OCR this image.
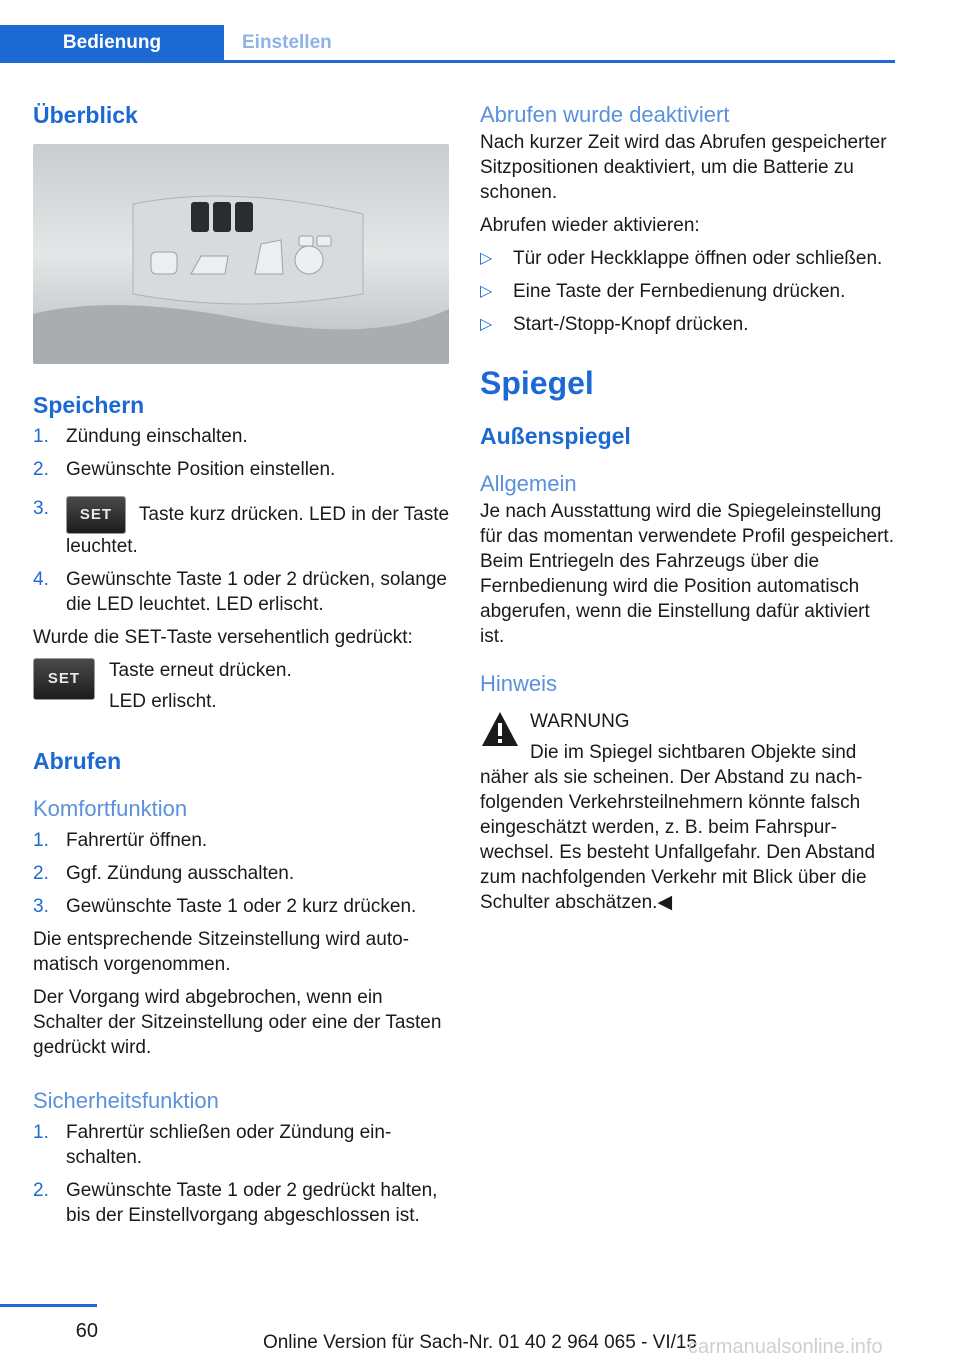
Bedienung	Einstellen
Überblick
Speichern
1. Zündung einschalten.
2. Gewünschte Position einstellen.
3. SET Taste kurz drücken. LED in der Taste leuchtet.
4. Gewünschte Taste 1 oder 2 drücken, solange die LED leuchtet. LED erlischt.

Wurde die SET-Taste versehentlich gedrückt:

SET	Taste erneut drücken.

LED erlischt.

Abrufen
Komfortfunktion
1. Fahrertür öffnen.
2. Ggf. Zündung ausschalten.
3. Gewünschte Taste 1 oder 2 kurz drücken.

Die entsprechende Sitzeinstellung wird automatisch vorgenommen.

Der Vorgang wird abgebrochen, wenn ein Schalter der Sitzeinstellung oder eine der Tasten gedrückt wird.

Sicherheitsfunktion
1. Fahrertür schließen oder Zündung einschalten.
2. Gewünschte Taste 1 oder 2 gedrückt halten, bis der Einstellvorgang abgeschlossen ist.
Abrufen wurde deaktiviert

Nach kurzer Zeit wird das Abrufen gespeicherter Sitzpositionen deaktiviert, um die Batterie zu schonen.

Abrufen wieder aktivieren:

▷ Tür oder Heckklappe öffnen oder schließen.
▷ Eine Taste der Fernbedienung drücken.
▷ Start-/Stopp-Knopf drücken.
Spiegel
Außenspiegel
Allgemein

Je nach Ausstattung wird die Spiegeleinstellung für das momentan verwendete Profil gespeichert. Beim Entriegeln des Fahrzeugs über die Fernbedienung wird die Position automatisch abgerufen, wenn die Einstellung dafür aktiviert ist.

Hinweis

WARNUNG

Die im Spiegel sichtbaren Objekte sind

näher als sie scheinen. Der Abstand zu nachfolgenden Verkehrsteilnehmern könnte falsch eingeschätzt werden, z. B. beim Fahrspurwechsel. Es besteht Unfallgefahr. Den Abstand zum nachfolgenden Verkehr mit Blick über die Schulter abschätzen.◀

60
Online Version für Sach-Nr. 01 40 2 964 065 - VI/15
carmanualsonline.info
